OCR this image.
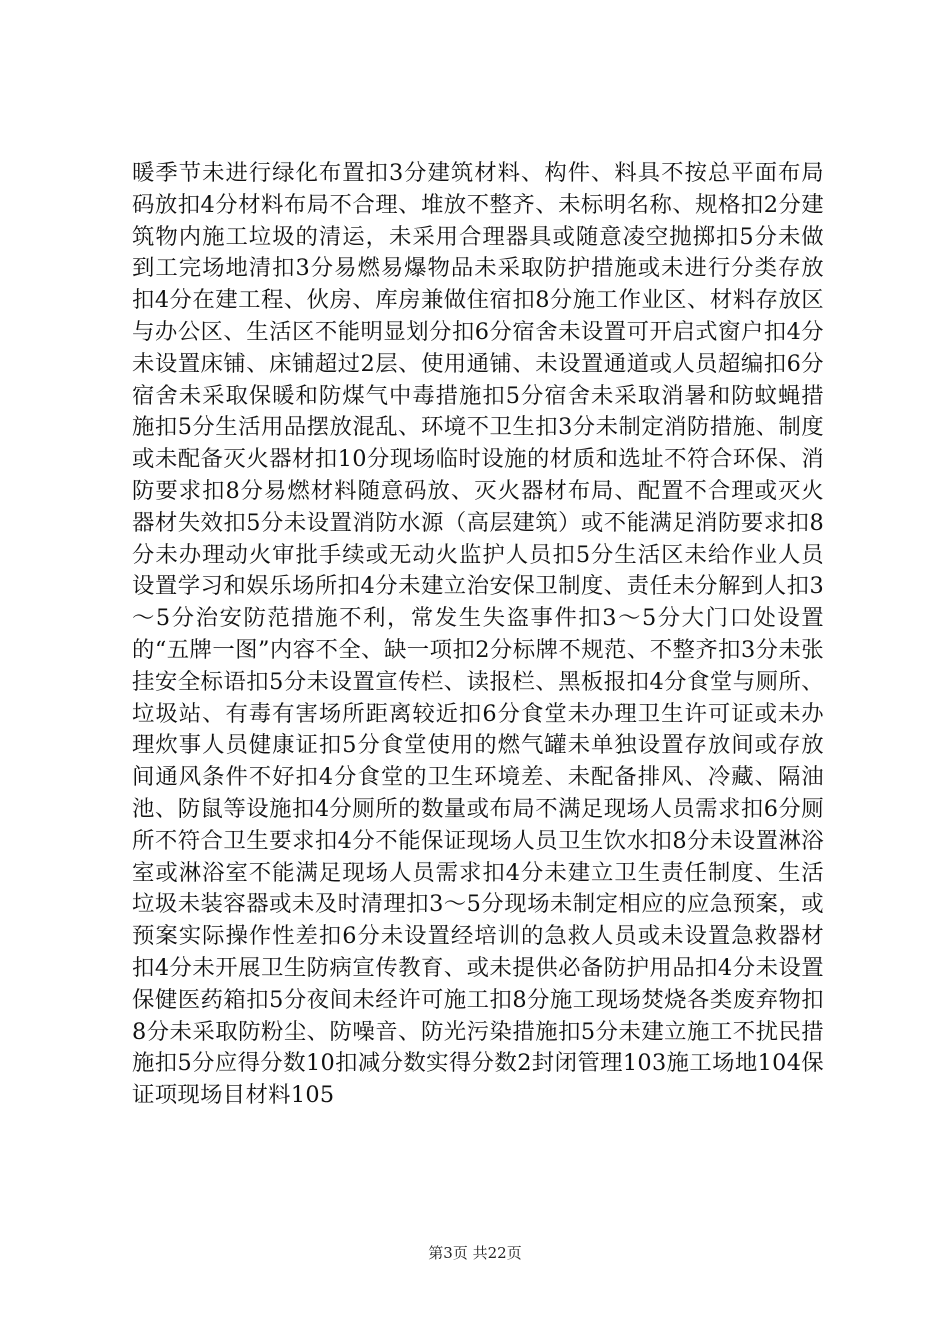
暖季节未进行绿化布置扣3分建筑材料、构件、料具不按总平面布局码放扣4分材料布局不合理、堆放不整齐、未标明名称、规格扣2分建筑物内施工垃圾的清运，未采用合理器具或随意凌空抛掷扣5分未做到工完场地清扣3分易燃易爆物品未采取防护措施或未进行分类存放扣4分在建工程、伙房、库房兼做住宿扣8分施工作业区、材料存放区与办公区、生活区不能明显划分扣6分宿舍未设置可开启式窗户扣4分未设置床铺、床铺超过2层、使用通铺、未设置通道或人员超编扣6分宿舍未采取保暖和防煤气中毒措施扣5分宿舍未采取消暑和防蚊蝇措施扣5分生活用品摆放混乱、环境不卫生扣3分未制定消防措施、制度或未配备灭火器材扣10分现场临时设施的材质和选址不符合环保、消防要求扣8分易燃材料随意码放、灭火器材布局、配置不合理或灭火器材失效扣5分未设置消防水源（高层建筑）或不能满足消防要求扣8分未办理动火审批手续或无动火监护人员扣5分生活区未给作业人员设置学习和娱乐场所扣4分未建立治安保卫制度、责任未分解到人扣3～5分治安防范措施不利，常发生失盗事件扣3～5分大门口处设置的“五牌一图”内容不全、缺一项扣2分标牌不规范、不整齐扣3分未张挂安全标语扣5分未设置宣传栏、读报栏、黑板报扣4分食堂与厕所、垃圾站、有毒有害场所距离较近扣6分食堂未办理卫生许可证或未办理炊事人员健康证扣5分食堂使用的燃气罐未单独设置存放间或存放间通风条件不好扣4分食堂的卫生环境差、未配备排风、冷藏、隔油池、防鼠等设施扣4分厕所的数量或布局不满足现场人员需求扣6分厕所不符合卫生要求扣4分不能保证现场人员卫生饮水扣8分未设置淋浴室或淋浴室不能满足现场人员需求扣4分未建立卫生责任制度、生活垃圾未装容器或未及时清理扣3～5分现场未制定相应的应急预案，或预案实际操作性差扣6分未设置经培训的急救人员或未设置急救器材扣4分未开展卫生防病宣传教育、或未提供必备防护用品扣4分未设置保健医药箱扣5分夜间未经许可施工扣8分施工现场焚烧各类废弃物扣8分未采取防粉尘、防噪音、防光污染措施扣5分未建立施工不扰民措施扣5分应得分数10扣减分数实得分数2封闭管理103施工场地104保证项现场目材料105

第3页 共22页
